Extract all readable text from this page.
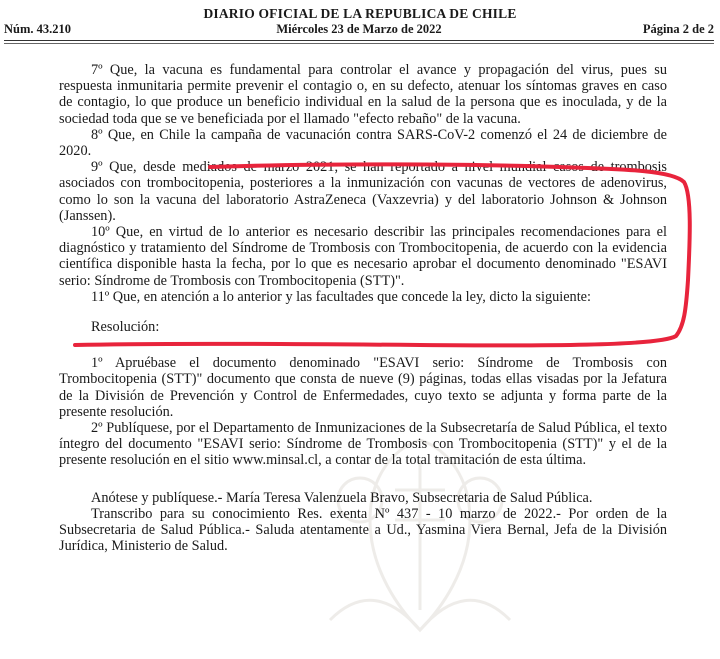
DIARIO OFICIAL DE LA REPUBLICA DE CHILE
Núm. 43.210	Miércoles 23 de Marzo de 2022	Página 2 de 2

7º Que, la vacuna es fundamental para controlar el avance y propagación del virus, pues su respuesta inmunitaria permite prevenir el contagio o, en su defecto, atenuar los síntomas graves en caso de contagio, lo que produce un beneficio individual en la salud de la persona que es inoculada, y de la sociedad toda que se ve beneficiada por el llamado "efecto rebaño" de la vacuna.

8º Que, en Chile la campaña de vacunación contra SARS-CoV-2 comenzó el 24 de diciembre de 2020.

9º Que, desde mediados de marzo 2021, se han reportado a nivel mundial casos de trombosis asociados con trombocitopenia, posteriores a la inmunización con vacunas de vectores de adenovirus, como lo son la vacuna del laboratorio AstraZeneca (Vaxzevria) y del laboratorio Johnson & Johnson (Janssen).

10º Que, en virtud de lo anterior es necesario describir las principales recomendaciones para el diagnóstico y tratamiento del Síndrome de Trombosis con Trombocitopenia, de acuerdo con la evidencia científica disponible hasta la fecha, por lo que es necesario aprobar el documento denominado "ESAVI serio: Síndrome de Trombosis con Trombocitopenia (STT)".

11º Que, en atención a lo anterior y las facultades que concede la ley, dicto la siguiente:

Resolución:

1º Apruébase el documento denominado "ESAVI serio: Síndrome de Trombosis con Trombocitopenia (STT)" documento que consta de nueve (9) páginas, todas ellas visadas por la Jefatura de la División de Prevención y Control de Enfermedades, cuyo texto se adjunta y forma parte de la presente resolución.

2º Publíquese, por el Departamento de Inmunizaciones de la Subsecretaría de Salud Pública, el texto íntegro del documento "ESAVI serio: Síndrome de Trombosis con Trombocitopenia (STT)" y el de la presente resolución en el sitio www.minsal.cl, a contar de la total tramitación de esta última.

Anótese y publíquese.- María Teresa Valenzuela Bravo, Subsecretaria de Salud Pública.

Transcribo para su conocimiento Res. exenta Nº 437 - 10 marzo de 2022.- Por orden de la Subsecretaria de Salud Pública.- Saluda atentamente a Ud., Yasmina Viera Bernal, Jefa de la División Jurídica, Ministerio de Salud.
